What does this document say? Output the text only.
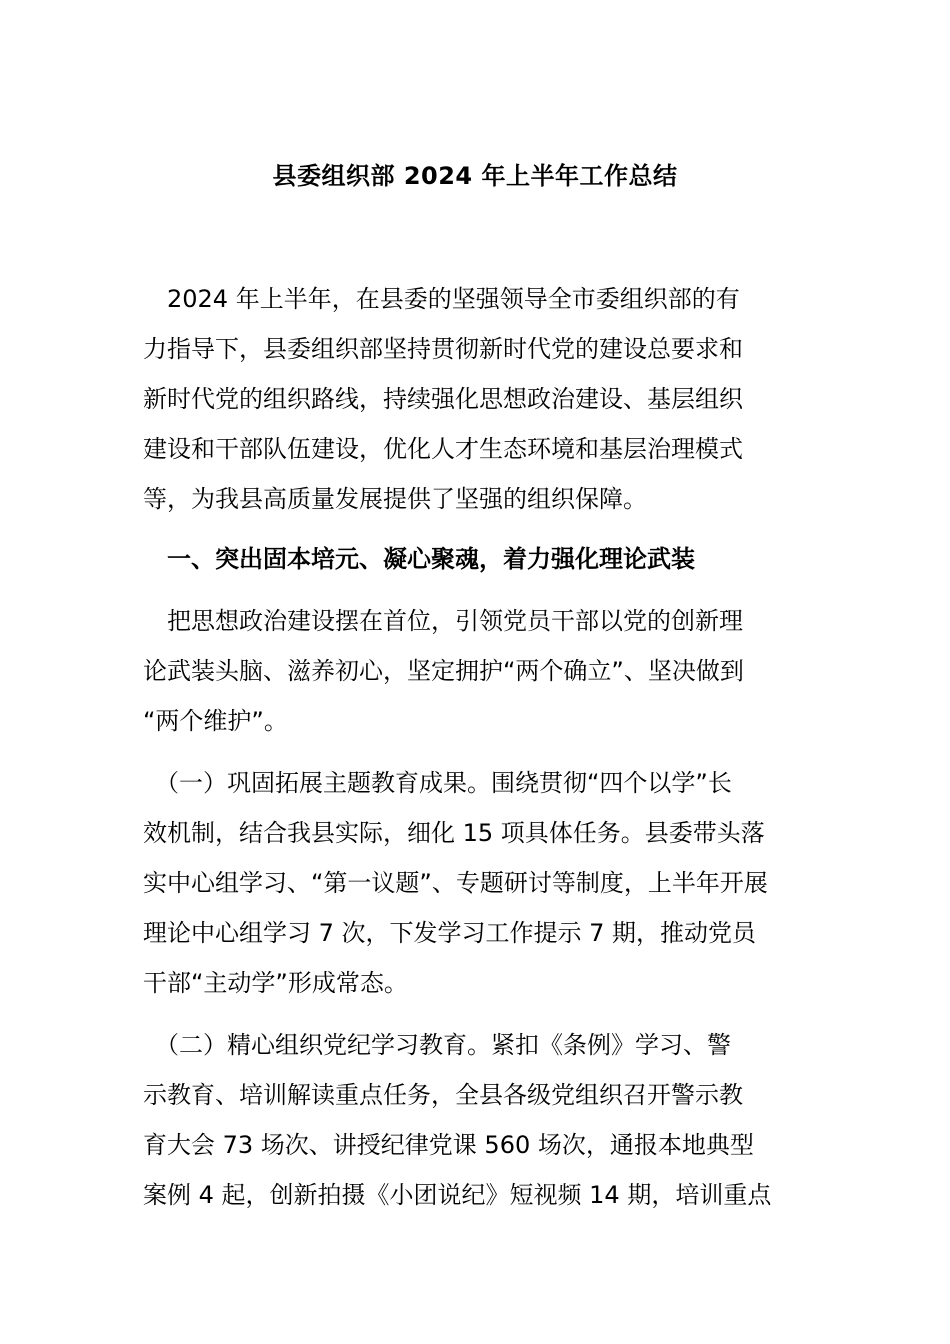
县委组织部 2024 年上半年工作总结
　2024 年上半年，在县委的坚强领导全市委组织部的有
力指导下，县委组织部坚持贯彻新时代党的建设总要求和
新时代党的组织路线，持续强化思想政治建设、基层组织
建设和干部队伍建设，优化人才生态环境和基层治理模式
等，为我县高质量发展提供了坚强的组织保障。
　一、突出固本培元、凝心聚魂，着力强化理论武装
　把思想政治建设摆在首位，引领党员干部以党的创新理
论武装头脑、滋养初心，坚定拥护“两个确立”、坚决做到
“两个维护”。
　（一）巩固拓展主题教育成果。围绕贯彻“四个以学”长
效机制，结合我县实际，细化 15 项具体任务。县委带头落
实中心组学习、“第一议题”、专题研讨等制度，上半年开展
理论中心组学习 7 次，下发学习工作提示 7 期，推动党员
干部“主动学”形成常态。
　（二）精心组织党纪学习教育。紧扣《条例》学习、警
示教育、培训解读重点任务，全县各级党组织召开警示教
育大会 73 场次、讲授纪律党课 560 场次，通报本地典型
案例 4 起，创新拍摄《小团说纪》短视频 14 期，培训重点
